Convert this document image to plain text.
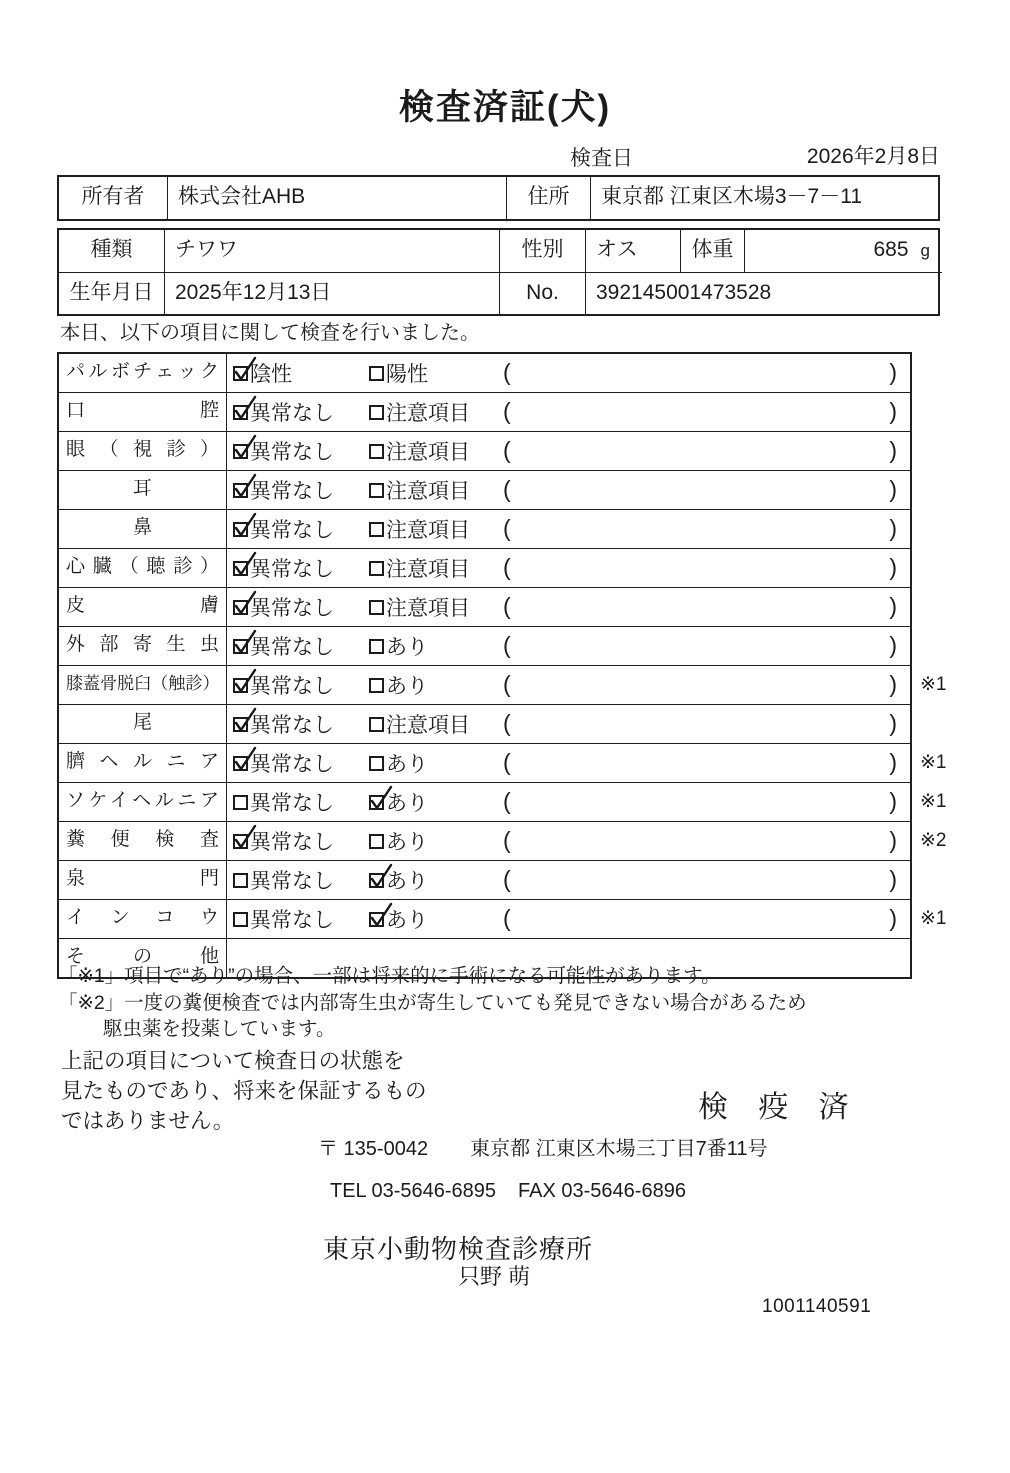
検査済証(犬)
検査日	2026年2月8日
所有者	株式会社AHB	住所	東京都 江東区木場3－7－11
種類	チワワ	性別	オス	体重	685 g
生年月日	2025年12月13日	No.	392145001473528

本日、以下の項目に関して検査を行いました。

パルボチェック	陰性	陽性	(	)
口腔	異常なし 注意項目 (	)
眼（視診）	異常なし 注意項目 (	)
耳	異常なし 注意項目 (	)
鼻	異常なし 注意項目 (	)
心臓（聴診）	異常なし 注意項目 (	)
皮膚	異常なし 注意項目 (	)
外部寄生虫	異常なし あり	(	)
膝蓋骨脱臼（触診）	異常なし あり	(	) ※1
尾	異常なし 注意項目 (	)
臍ヘルニア	異常なし あり	(	) ※1
ソケイヘルニア	異常なし あり	(	) ※1
糞便検査	異常なし あり	(	) ※2
泉門	異常なし あり	(	)
インコウ	異常なし あり	(	) ※1
その他
「※1」項目で“あり”の場合、一部は将来的に手術になる可能性があります。
「※2」一度の糞便検査では内部寄生虫が寄生していても発見できない場合があるため
駆虫薬を投薬しています。
上記の項目について検査日の状態を
見たものであり、将来を保証するもの
ではありません。	検 疫 済
〒 135-0042 東京都 江東区木場三丁目7番11号
TEL 03-5646-6895 FAX 03-5646-6896
東京小動物検査診療所
只野 萌
1001140591
